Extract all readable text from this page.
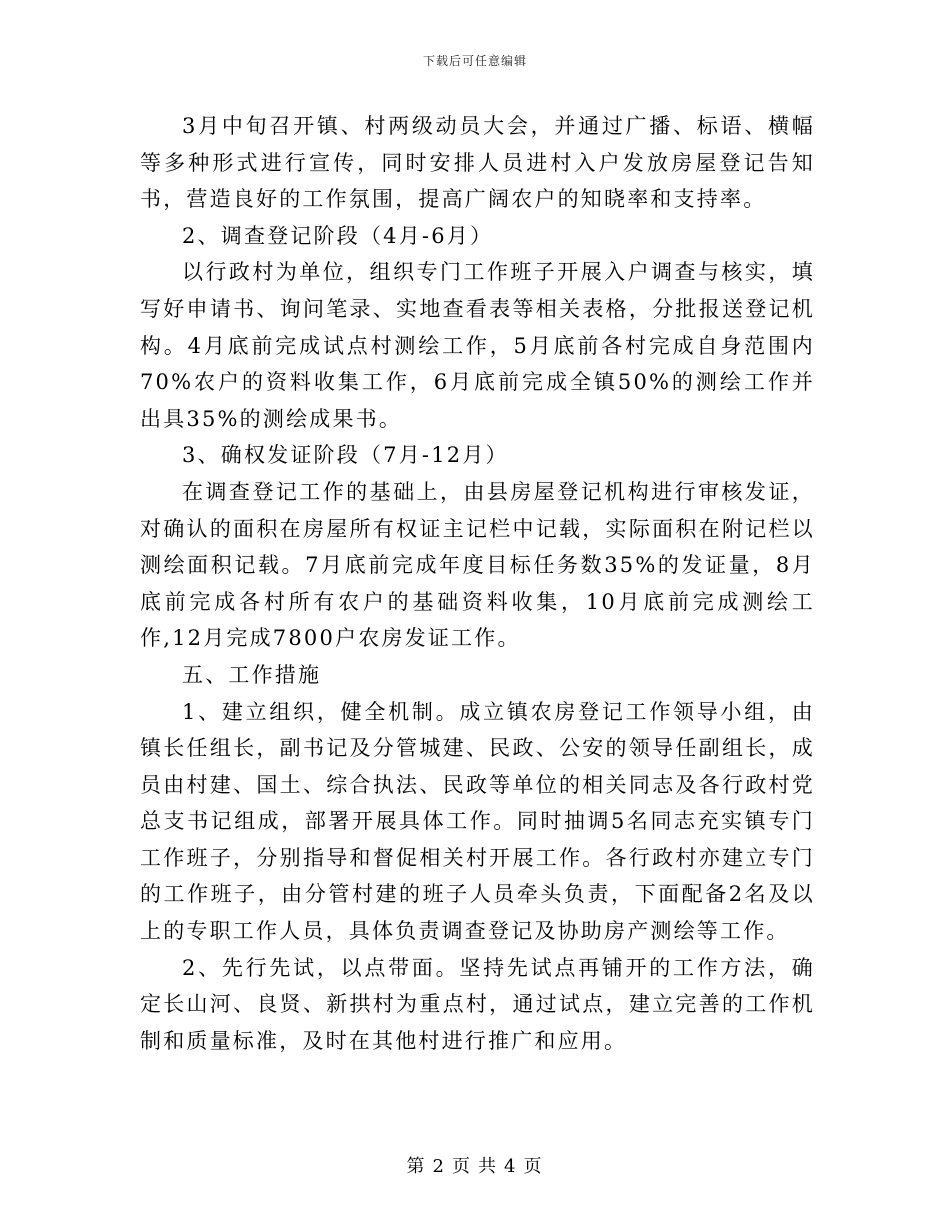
下载后可任意编辑

3月中旬召开镇、村两级动员大会，并通过广播、标语、横幅等多种形式进行宣传，同时安排人员进村入户发放房屋登记告知书，营造良好的工作氛围，提高广阔农户的知晓率和支持率。

2、调查登记阶段（4月-6月）

以行政村为单位，组织专门工作班子开展入户调查与核实，填写好申请书、询问笔录、实地查看表等相关表格，分批报送登记机构。4月底前完成试点村测绘工作，5月底前各村完成自身范围内70%农户的资料收集工作，6月底前完成全镇50%的测绘工作并出具35%的测绘成果书。

3、确权发证阶段（7月-12月）

在调查登记工作的基础上，由县房屋登记机构进行审核发证，对确认的面积在房屋所有权证主记栏中记载，实际面积在附记栏以测绘面积记载。7月底前完成年度目标任务数35%的发证量，8月底前完成各村所有农户的基础资料收集，10月底前完成测绘工作,12月完成7800户农房发证工作。

五、工作措施

1、建立组织，健全机制。成立镇农房登记工作领导小组，由镇长任组长，副书记及分管城建、民政、公安的领导任副组长，成员由村建、国土、综合执法、民政等单位的相关同志及各行政村党总支书记组成，部署开展具体工作。同时抽调5名同志充实镇专门工作班子，分别指导和督促相关村开展工作。各行政村亦建立专门的工作班子，由分管村建的班子人员牵头负责，下面配备2名及以上的专职工作人员，具体负责调查登记及协助房产测绘等工作。

2、先行先试，以点带面。坚持先试点再铺开的工作方法，确定长山河、良贤、新拱村为重点村，通过试点，建立完善的工作机制和质量标准，及时在其他村进行推广和应用。

第 2 页 共 4 页
